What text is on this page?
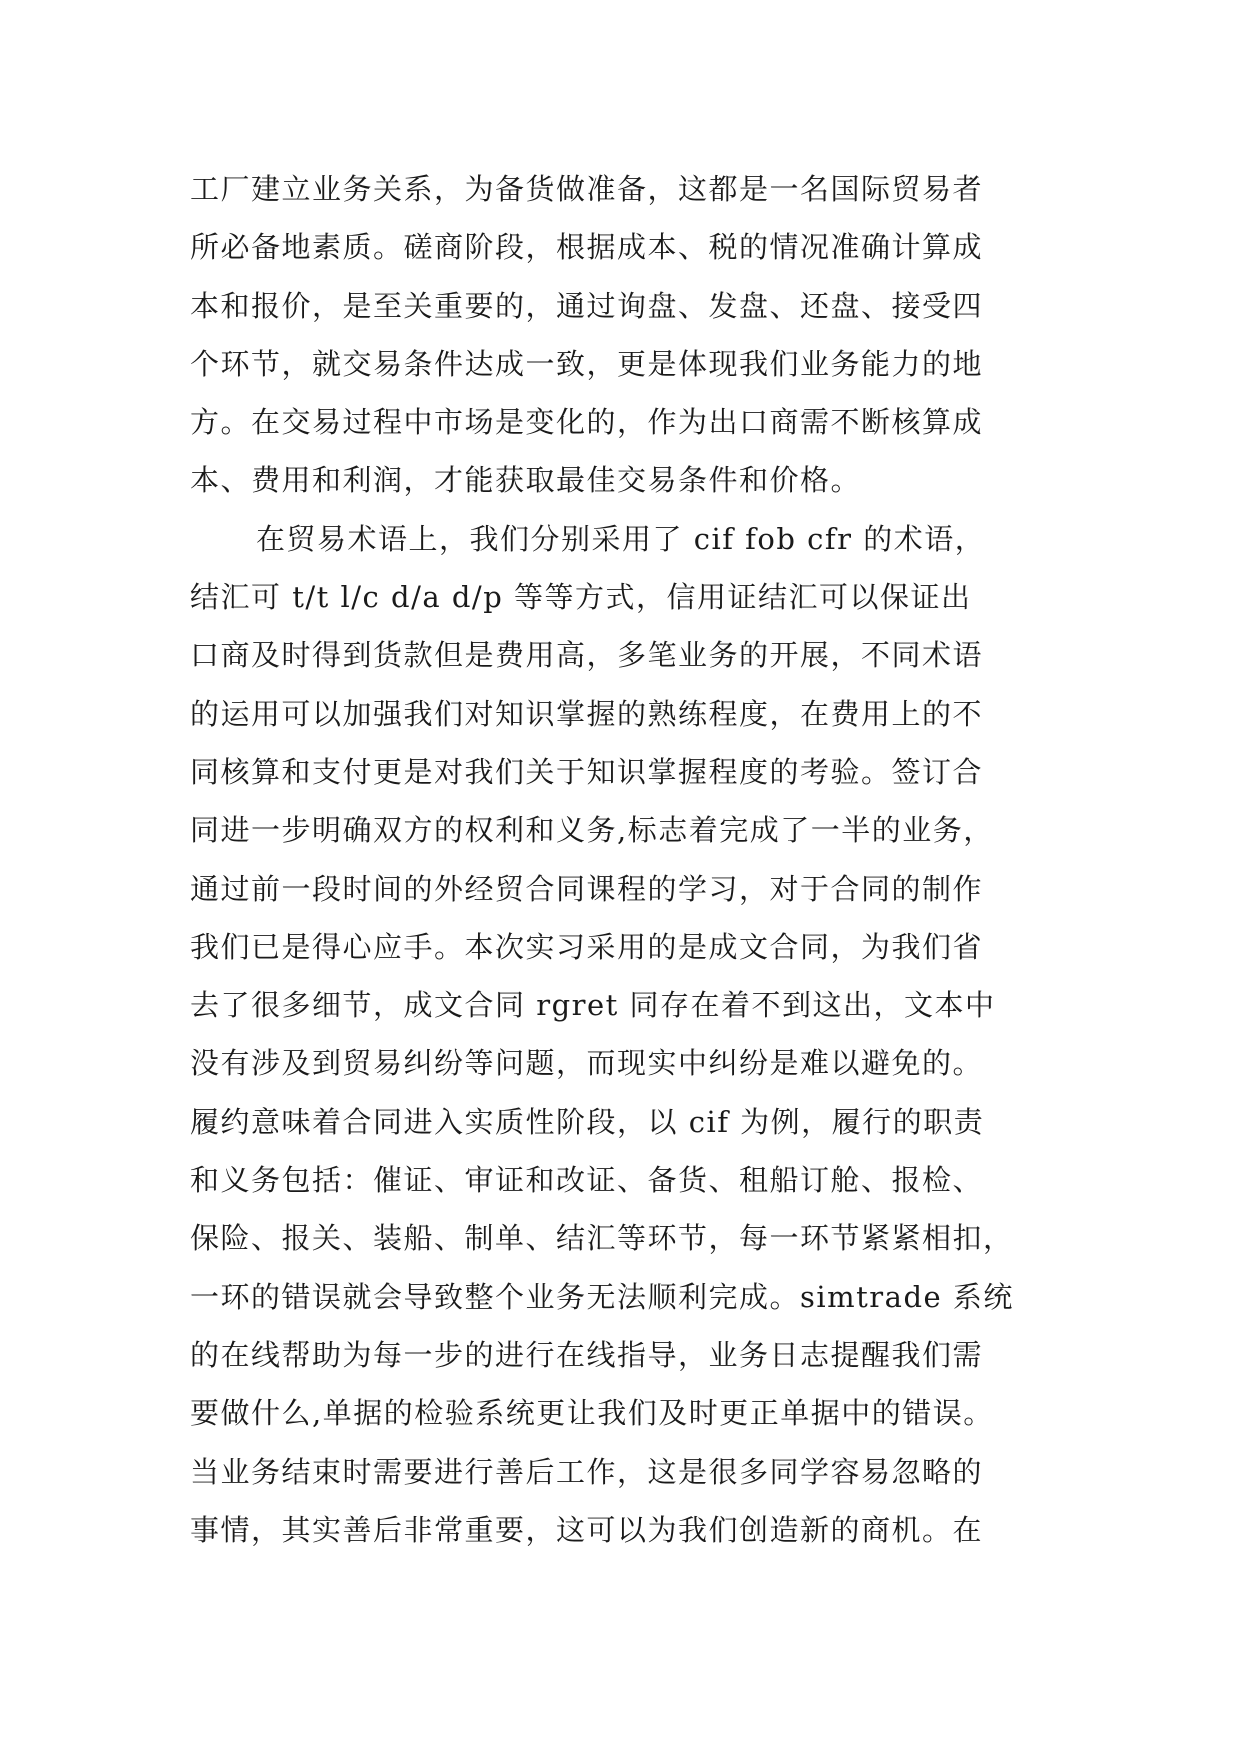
工厂建立业务关系，为备货做准备，这都是一名国际贸易者
所必备地素质。磋商阶段，根据成本、税的情况准确计算成
本和报价，是至关重要的，通过询盘、发盘、还盘、接受四
个环节，就交易条件达成一致，更是体现我们业务能力的地
方。在交易过程中市场是变化的，作为出口商需不断核算成
本、费用和利润，才能获取最佳交易条件和价格。
在贸易术语上，我们分别采用了 cif fob cfr 的术语，
结汇可 t/t l/c d/a d/p 等等方式，信用证结汇可以保证出
口商及时得到货款但是费用高，多笔业务的开展，不同术语
的运用可以加强我们对知识掌握的熟练程度，在费用上的不
同核算和支付更是对我们关于知识掌握程度的考验。签订合
同进一步明确双方的权利和义务,标志着完成了一半的业务，
通过前一段时间的外经贸合同课程的学习，对于合同的制作
我们已是得心应手。本次实习采用的是成文合同，为我们省
去了很多细节，成文合同 rgret 同存在着不到这出，文本中
没有涉及到贸易纠纷等问题，而现实中纠纷是难以避免的。
履约意味着合同进入实质性阶段，以 cif 为例，履行的职责
和义务包括：催证、审证和改证、备货、租船订舱、报检、
保险、报关、装船、制单、结汇等环节，每一环节紧紧相扣，
一环的错误就会导致整个业务无法顺利完成。simtrade 系统
的在线帮助为每一步的进行在线指导，业务日志提醒我们需
要做什么,单据的检验系统更让我们及时更正单据中的错误。
当业务结束时需要进行善后工作，这是很多同学容易忽略的
事情，其实善后非常重要，这可以为我们创造新的商机。在
